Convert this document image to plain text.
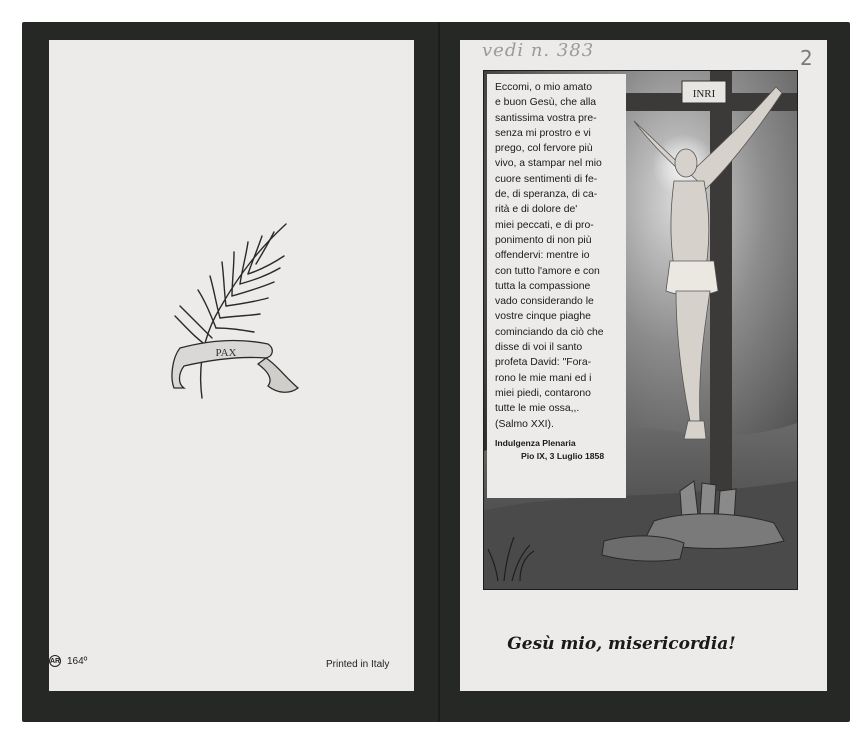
PAX
AR 164º	Printed in Italy
vedi n. 383	2
INRI
Eccomi, o mio amato
e buon Gesù, che alla
santissima vostra pre-
senza mi prostro e vi
prego, col fervore più
vivo, a stampar nel mio
cuore sentimenti di fe-
de, di speranza, di ca-
rità e di dolore de'
miei peccati, e di pro-
ponimento di non più
offendervi: mentre io
con tutto l'amore e con
tutta la compassione
vado considerando le
vostre cinque piaghe
cominciando da ciò che
disse di voi il santo
profeta David: "Fora-
rono le mie mani ed i
miei piedi, contarono
tutte le mie ossa,,.
(Salmo XXI).
Indulgenza Plenaria
Pio IX, 3 Luglio 1858
Gesù mio, misericordia!
